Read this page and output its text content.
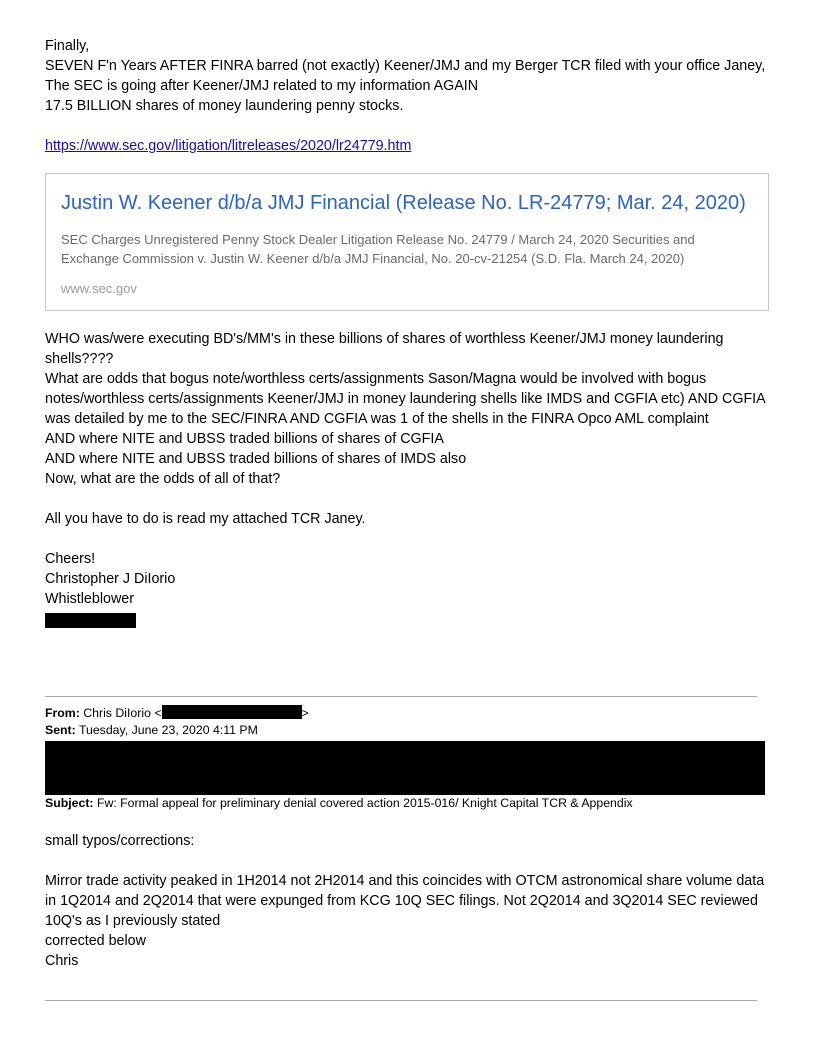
Finally,
SEVEN F'n Years AFTER FINRA barred (not exactly) Keener/JMJ and my Berger TCR filed with your office Janey,
The SEC is going after Keener/JMJ related to my information AGAIN
17.5 BILLION shares of money laundering penny stocks.
https://www.sec.gov/litigation/litreleases/2020/lr24779.htm
Justin W. Keener d/b/a JMJ Financial (Release No. LR-24779; Mar. 24, 2020)
SEC Charges Unregistered Penny Stock Dealer Litigation Release No. 24779 / March 24, 2020 Securities and Exchange Commission v. Justin W. Keener d/b/a JMJ Financial, No. 20-cv-21254 (S.D. Fla. March 24, 2020)
www.sec.gov
WHO was/were executing BD's/MM's in these billions of shares of worthless Keener/JMJ money laundering shells????
What are odds that bogus note/worthless certs/assignments Sason/Magna would be involved with bogus notes/worthless certs/assignments Keener/JMJ in money laundering shells like IMDS and CGFIA etc) AND CGFIA was detailed by me to the SEC/FINRA AND CGFIA was 1 of the shells in the FINRA Opco AML complaint
AND where NITE and UBSS traded billions of shares of CGFIA
AND where NITE and UBSS traded billions of shares of IMDS also
Now, what are the odds of all of that?
All you have to do is read my attached TCR Janey.
Cheers!
Christopher J DiIorio
Whistleblower
From: Chris DiIorio <	>
Sent: Tuesday, June 23, 2020 4:11 PM
Subject: Fw: Formal appeal for preliminary denial covered action 2015-016/ Knight Capital TCR & Appendix
small typos/corrections:
Mirror trade activity peaked in 1H2014 not 2H2014 and this coincides with OTCM astronomical share volume data in 1Q2014 and 2Q2014 that were expunged from KCG 10Q SEC filings. Not 2Q2014 and 3Q2014 SEC reviewed 10Q's as I previously stated
corrected below
Chris
